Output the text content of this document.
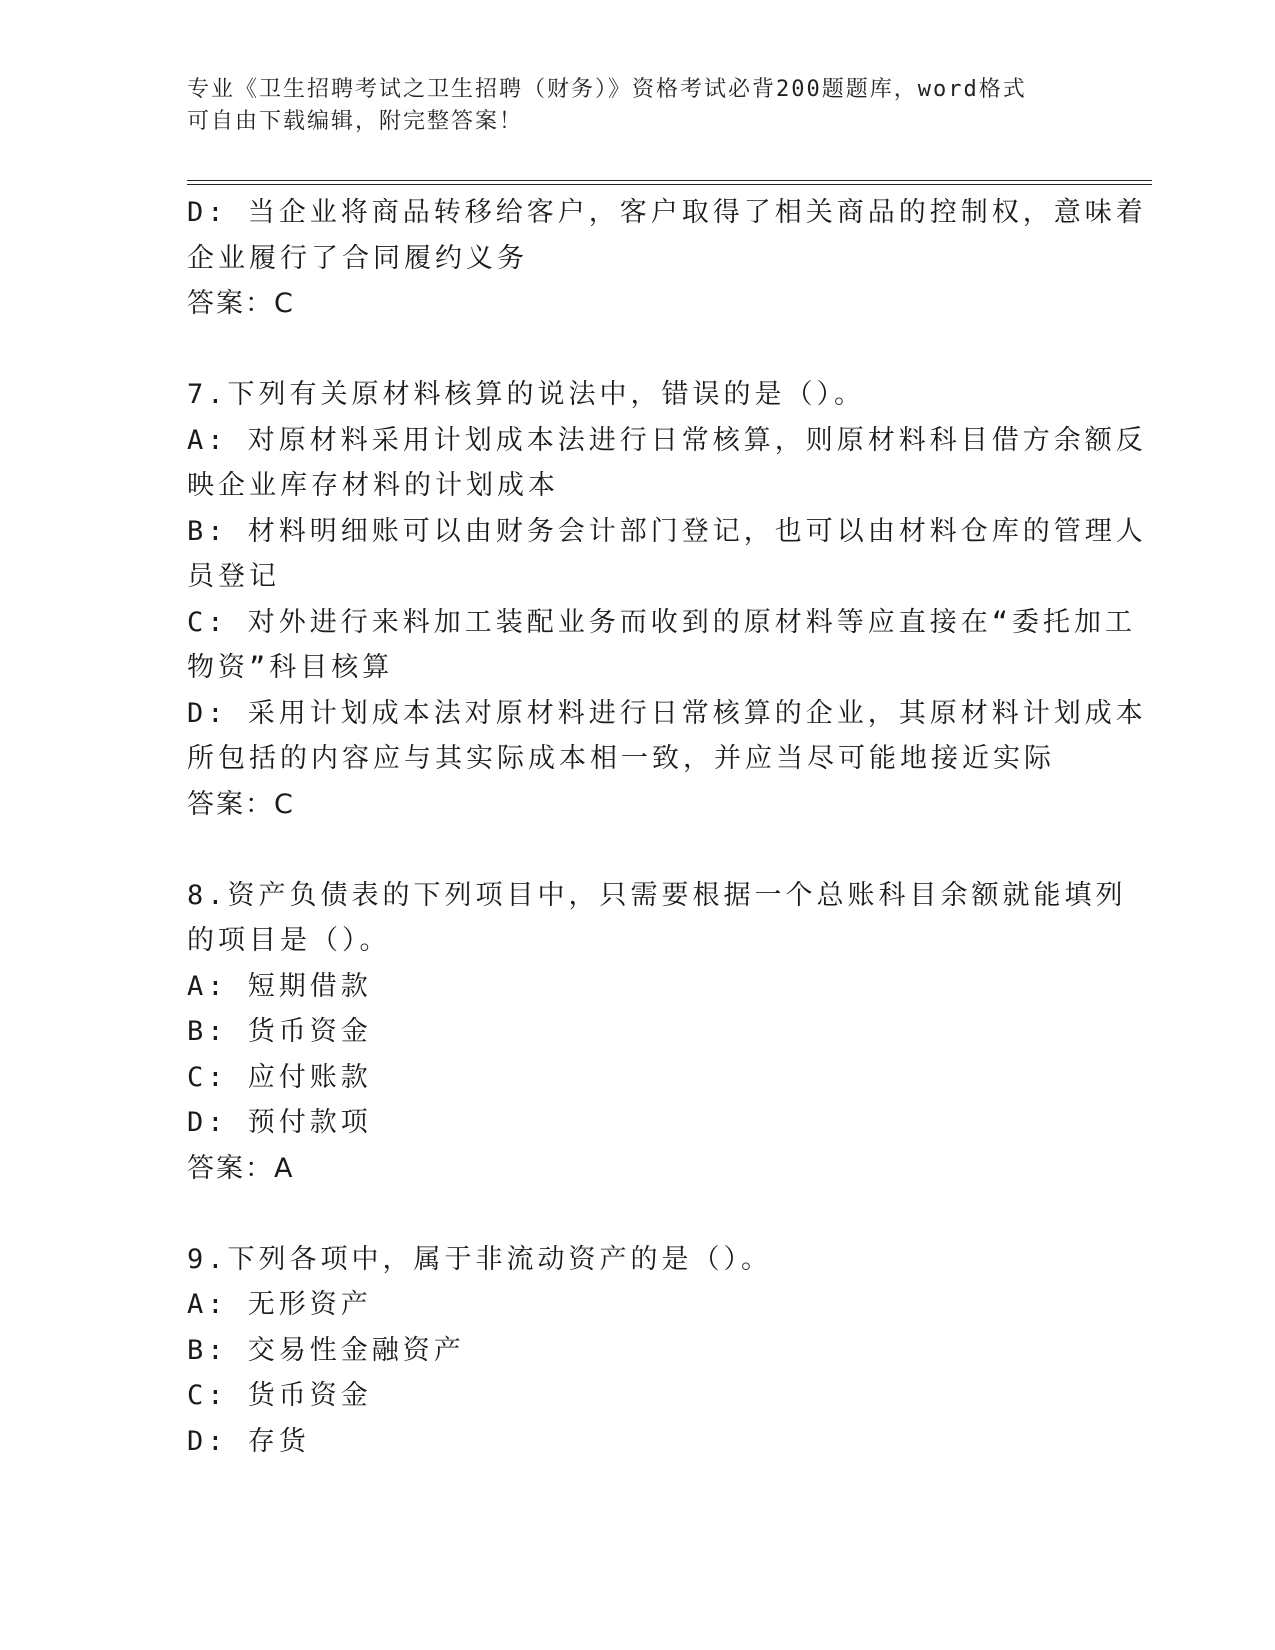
专业《卫生招聘考试之卫生招聘（财务）》资格考试必背200题题库，word格式
可自由下载编辑，附完整答案！
D: 当企业将商品转移给客户，客户取得了相关商品的控制权，意味着
企业履行了合同履约义务
答案：C
7.下列有关原材料核算的说法中，错误的是（）。
A: 对原材料采用计划成本法进行日常核算，则原材料科目借方余额反
映企业库存材料的计划成本
B: 材料明细账可以由财务会计部门登记，也可以由材料仓库的管理人
员登记
C: 对外进行来料加工装配业务而收到的原材料等应直接在“委托加工
物资”科目核算
D: 采用计划成本法对原材料进行日常核算的企业，其原材料计划成本
所包括的内容应与其实际成本相一致，并应当尽可能地接近实际
答案：C
8.资产负债表的下列项目中，只需要根据一个总账科目余额就能填列
的项目是（）。
A: 短期借款
B: 货币资金
C: 应付账款
D: 预付款项
答案：A
9.下列各项中，属于非流动资产的是（）。
A: 无形资产
B: 交易性金融资产
C: 货币资金
D: 存货
